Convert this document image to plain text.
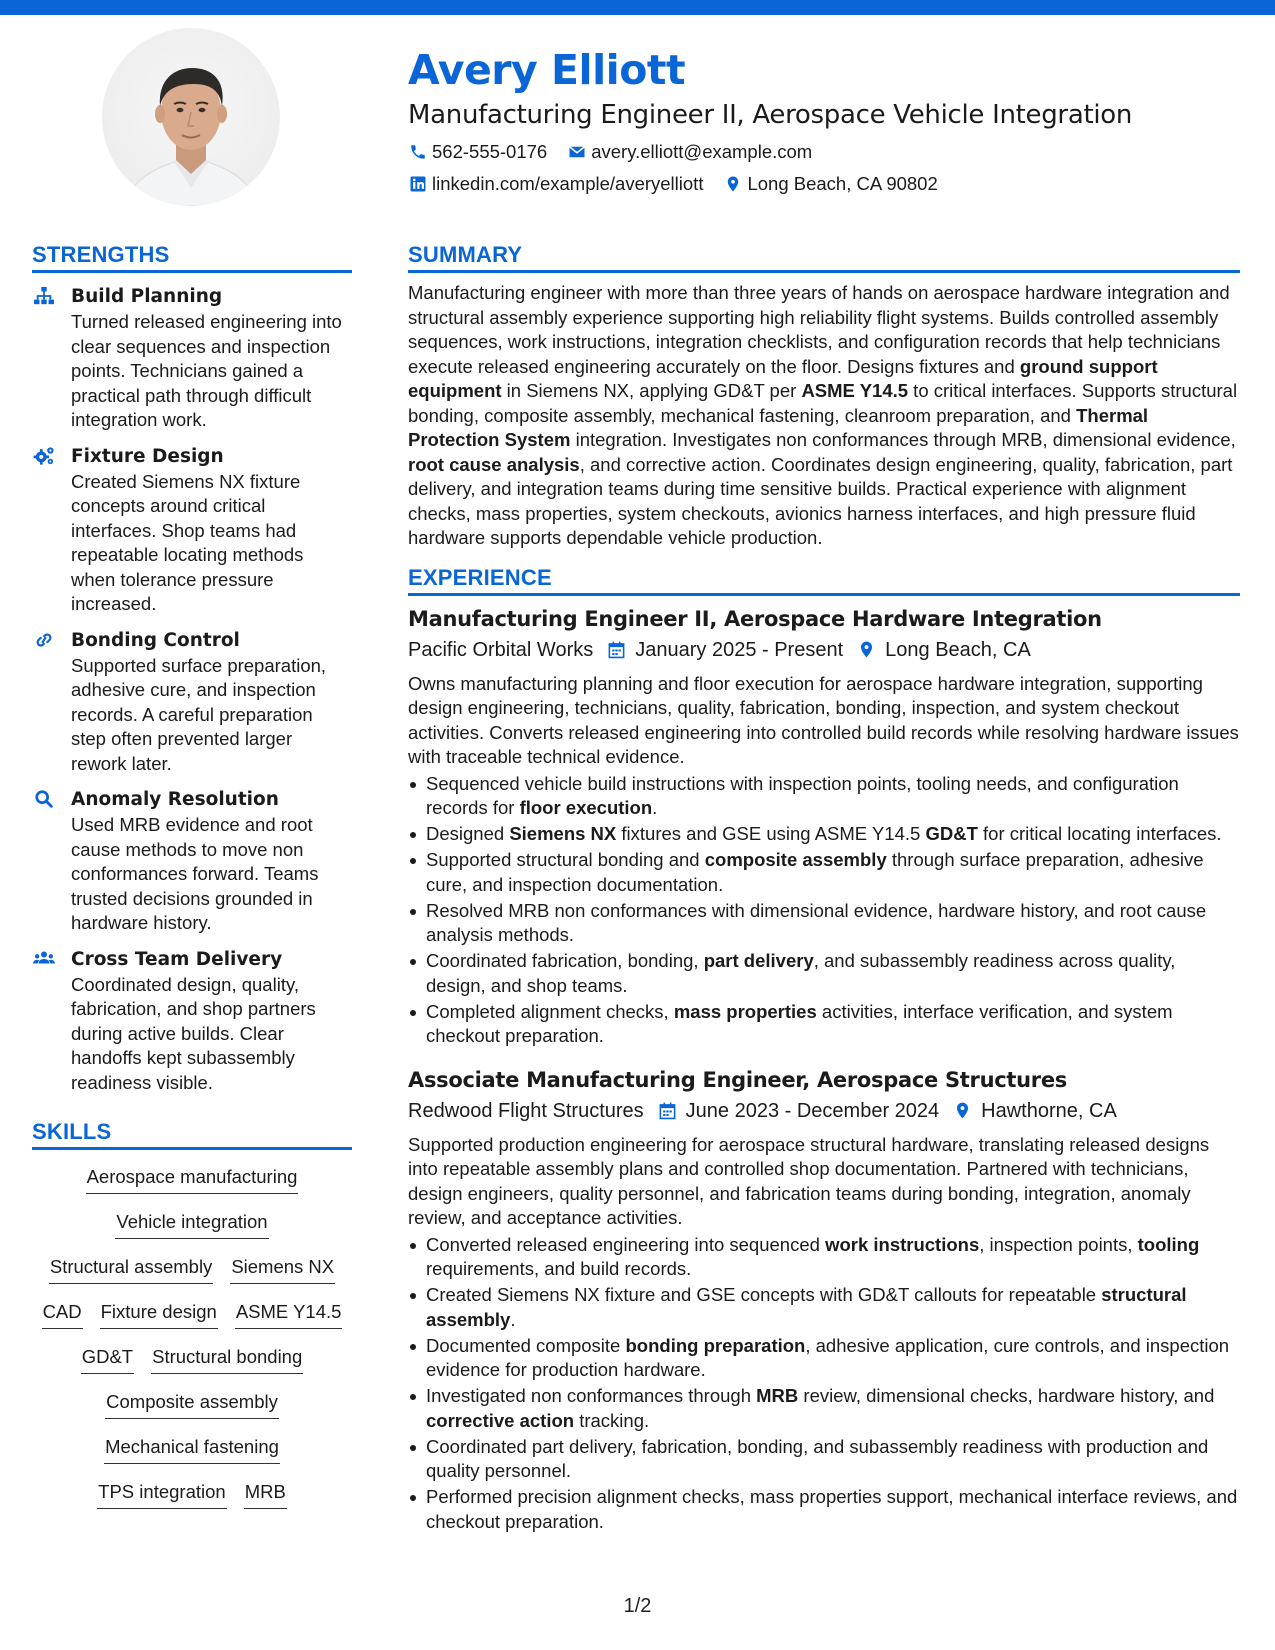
Avery Elliott
Manufacturing Engineer II, Aerospace Vehicle Integration
562-555-0176 avery.elliott@example.com
linkedin.com/example/averyelliott Long Beach, CA 90802
STRENGTHS
Build Planning
Turned released engineering into clear sequences and inspection points. Technicians gained a practical path through difficult integration work.
Fixture Design
Created Siemens NX fixture concepts around critical interfaces. Shop teams had repeatable locating methods when tolerance pressure increased.
Bonding Control
Supported surface preparation, adhesive cure, and inspection records. A careful preparation step often prevented larger rework later.
Anomaly Resolution
Used MRB evidence and root cause methods to move non conformances forward. Teams trusted decisions grounded in hardware history.
Cross Team Delivery
Coordinated design, quality, fabrication, and shop partners during active builds. Clear handoffs kept subassembly readiness visible.
SKILLS
Aerospace manufacturing
Vehicle integration
Structural assembly Siemens NX
CAD Fixture design ASME Y14.5
GD&T Structural bonding
Composite assembly
Mechanical fastening
TPS integration MRB
SUMMARY
Manufacturing engineer with more than three years of hands on aerospace hardware integration and structural assembly experience supporting high reliability flight systems. Builds controlled assembly sequences, work instructions, integration checklists, and configuration records that help technicians execute released engineering accurately on the floor. Designs fixtures and ground support equipment in Siemens NX, applying GD&T per ASME Y14.5 to critical interfaces. Supports structural bonding, composite assembly, mechanical fastening, cleanroom preparation, and Thermal Protection System integration. Investigates non conformances through MRB, dimensional evidence, root cause analysis, and corrective action. Coordinates design engineering, quality, fabrication, part delivery, and integration teams during time sensitive builds. Practical experience with alignment checks, mass properties, system checkouts, avionics harness interfaces, and high pressure fluid hardware supports dependable vehicle production.
EXPERIENCE
Manufacturing Engineer II, Aerospace Hardware Integration
Pacific Orbital Works January 2025 - Present Long Beach, CA
Owns manufacturing planning and floor execution for aerospace hardware integration, supporting design engineering, technicians, quality, fabrication, bonding, inspection, and system checkout activities. Converts released engineering into controlled build records while resolving hardware issues with traceable technical evidence.
Sequenced vehicle build instructions with inspection points, tooling needs, and configuration records for floor execution.
Designed Siemens NX fixtures and GSE using ASME Y14.5 GD&T for critical locating interfaces.
Supported structural bonding and composite assembly through surface preparation, adhesive cure, and inspection documentation.
Resolved MRB non conformances with dimensional evidence, hardware history, and root cause analysis methods.
Coordinated fabrication, bonding, part delivery, and subassembly readiness across quality, design, and shop teams.
Completed alignment checks, mass properties activities, interface verification, and system checkout preparation.
Associate Manufacturing Engineer, Aerospace Structures
Redwood Flight Structures June 2023 - December 2024 Hawthorne, CA
Supported production engineering for aerospace structural hardware, translating released designs into repeatable assembly plans and controlled shop documentation. Partnered with technicians, design engineers, quality personnel, and fabrication teams during bonding, integration, anomaly review, and acceptance activities.
Converted released engineering into sequenced work instructions, inspection points, tooling requirements, and build records.
Created Siemens NX fixture and GSE concepts with GD&T callouts for repeatable structural assembly.
Documented composite bonding preparation, adhesive application, cure controls, and inspection evidence for production hardware.
Investigated non conformances through MRB review, dimensional checks, hardware history, and corrective action tracking.
Coordinated part delivery, fabrication, bonding, and subassembly readiness with production and quality personnel.
Performed precision alignment checks, mass properties support, mechanical interface reviews, and checkout preparation.
1/2
